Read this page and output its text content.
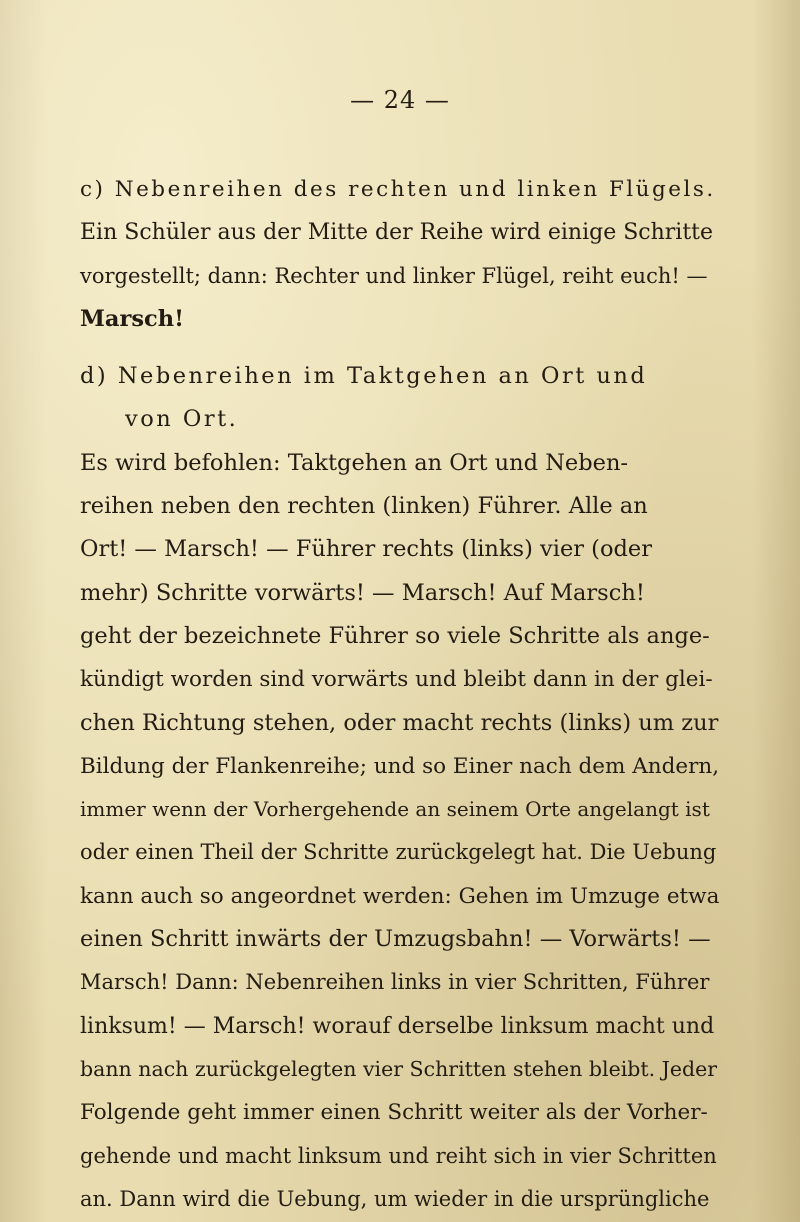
— 24 —
c) Nebenreihen des rechten und linken Flügels.
Ein Schüler aus der Mitte der Reihe wird einige Schritte
vorgestellt; dann: Rechter und linker Flügel, reiht euch! —
Marsch!
d) Nebenreihen im Taktgehen an Ort und
von Ort.
Es wird befohlen: Taktgehen an Ort und Neben-
reihen neben den rechten (linken) Führer. Alle an
Ort! — Marsch! — Führer rechts (links) vier (oder
mehr) Schritte vorwärts! — Marsch! Auf Marsch!
geht der bezeichnete Führer so viele Schritte als ange-
kündigt worden sind vorwärts und bleibt dann in der glei-
chen Richtung stehen, oder macht rechts (links) um zur
Bildung der Flankenreihe; und so Einer nach dem Andern,
immer wenn der Vorhergehende an seinem Orte angelangt ist
oder einen Theil der Schritte zurückgelegt hat. Die Uebung
kann auch so angeordnet werden: Gehen im Umzuge etwa
einen Schritt inwärts der Umzugsbahn! — Vorwärts! —
Marsch! Dann: Nebenreihen links in vier Schritten, Führer
linksum! — Marsch! worauf derselbe linksum macht und
bann nach zurückgelegten vier Schritten stehen bleibt. Jeder
Folgende geht immer einen Schritt weiter als der Vorher-
gehende und macht linksum und reiht sich in vier Schritten
an. Dann wird die Uebung, um wieder in die ursprüngliche
